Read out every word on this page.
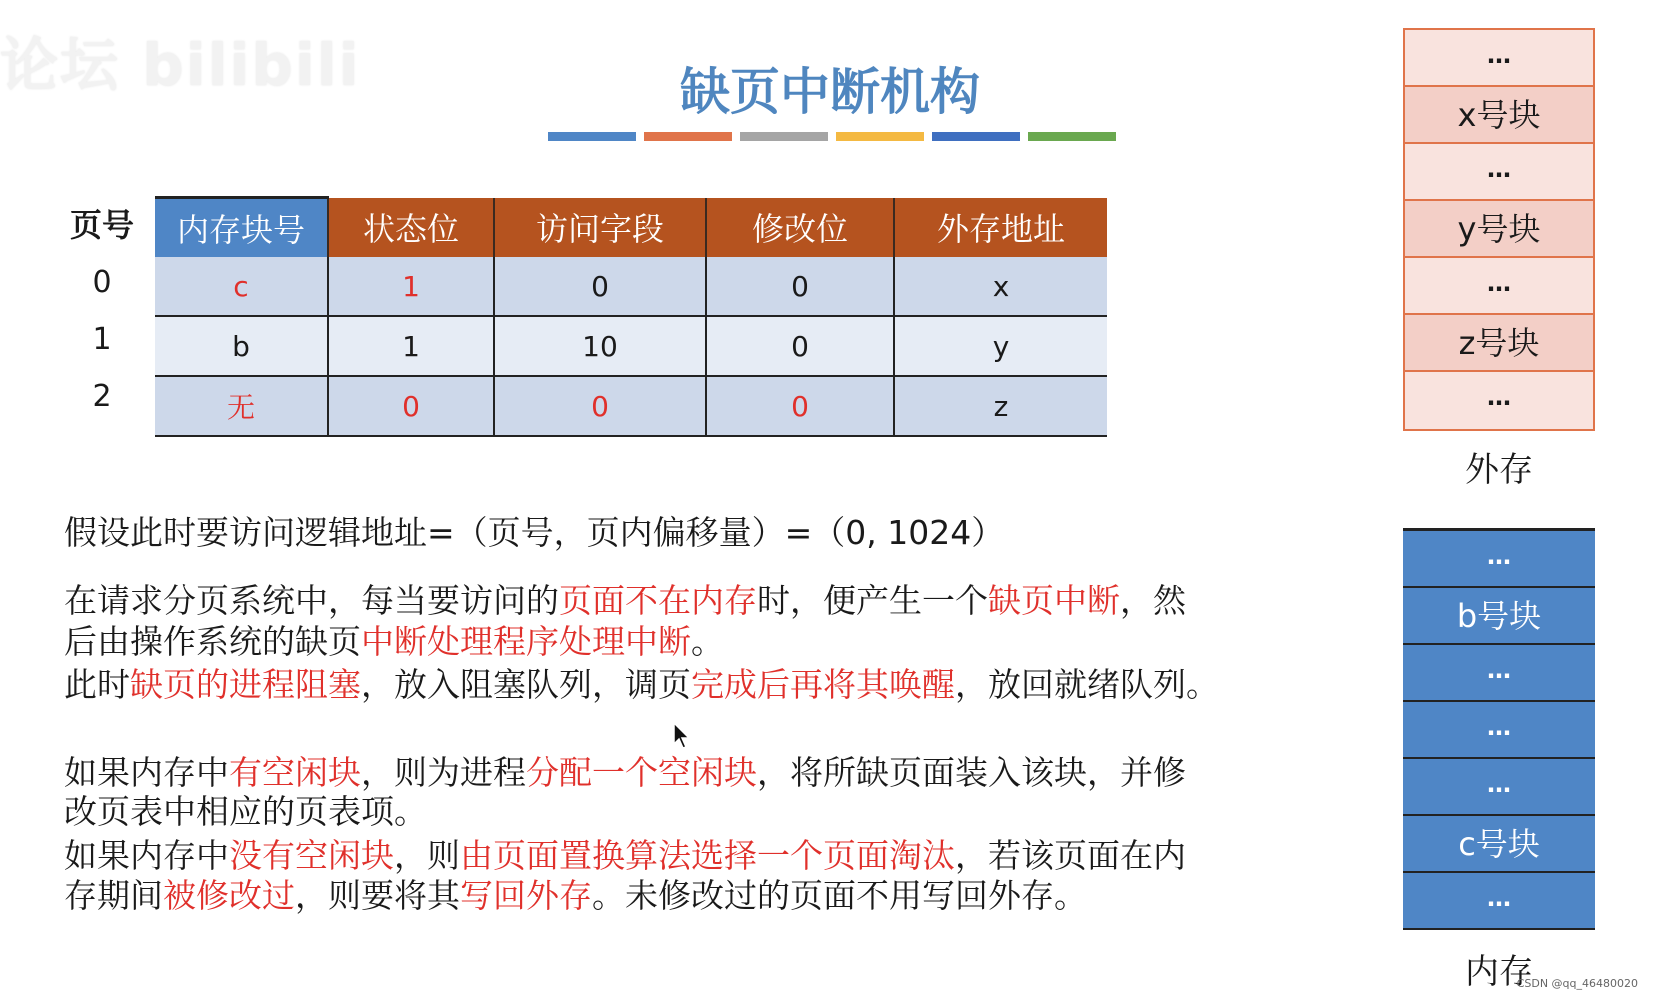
论坛 bilibili	缺页中断机构
页号
0
1
2
内存块号	状态位	访问字段	修改位	外存地址
c	1	0	0	x
b	1	10	0	y
无	0	0	0	z
…
x号块
…
y号块
…
z号块
…
外存
…
b号块
…
…
…
c号块
…
内存
假设此时要访问逻辑地址=（页号，页内偏移量）=（0, 1024）
在请求分页系统中，每当要访问的页面不在内存时，便产生一个缺页中断，然
后由操作系统的缺页中断处理程序处理中断。
此时缺页的进程阻塞，放入阻塞队列，调页完成后再将其唤醒，放回就绪队列。
如果内存中有空闲块，则为进程分配一个空闲块，将所缺页面装入该块，并修
改页表中相应的页表项。
如果内存中没有空闲块，则由页面置换算法选择一个页面淘汰，若该页面在内
存期间被修改过，则要将其写回外存。未修改过的页面不用写回外存。
CSDN @qq_46480020
